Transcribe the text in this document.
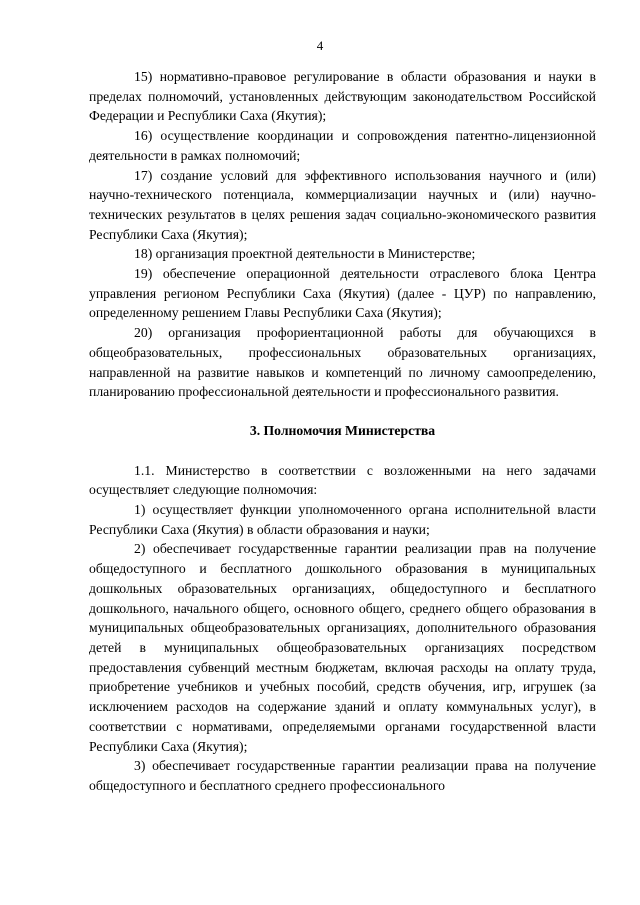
4

15) нормативно-правовое регулирование в области образования и науки в пределах полномочий, установленных действующим законодательством Российской Федерации и Республики Саха (Якутия);

16) осуществление координации и сопровождения патентно-лицензионной деятельности в рамках полномочий;

17) создание условий для эффективного использования научного и (или) научно-технического потенциала, коммерциализации научных и (или) научно-технических результатов в целях решения задач социально-экономического развития Республики Саха (Якутия);

18) организация проектной деятельности в Министерстве;

19) обеспечение операционной деятельности отраслевого блока Центра управления регионом Республики Саха (Якутия) (далее - ЦУР) по направлению, определенному решением Главы Республики Саха (Якутия);

20) организация профориентационной работы для обучающихся в общеобразовательных, профессиональных образовательных организациях, направленной на развитие навыков и компетенций по личному самоопределению, планированию профессиональной деятельности и профессионального развития.

3. Полномочия Министерства

1.1. Министерство в соответствии с возложенными на него задачами осуществляет следующие полномочия:

1) осуществляет функции уполномоченного органа исполнительной власти Республики Саха (Якутия) в области образования и науки;

2) обеспечивает государственные гарантии реализации прав на получение общедоступного и бесплатного дошкольного образования в муниципальных дошкольных образовательных организациях, общедоступного и бесплатного дошкольного, начального общего, основного общего, среднего общего образования в муниципальных общеобразовательных организациях, дополнительного образования детей в муниципальных общеобразовательных организациях посредством предоставления субвенций местным бюджетам, включая расходы на оплату труда, приобретение учебников и учебных пособий, средств обучения, игр, игрушек (за исключением расходов на содержание зданий и оплату коммунальных услуг), в соответствии с нормативами, определяемыми органами государственной власти Республики Саха (Якутия);

3) обеспечивает государственные гарантии реализации права на получение общедоступного и бесплатного среднего профессионального
